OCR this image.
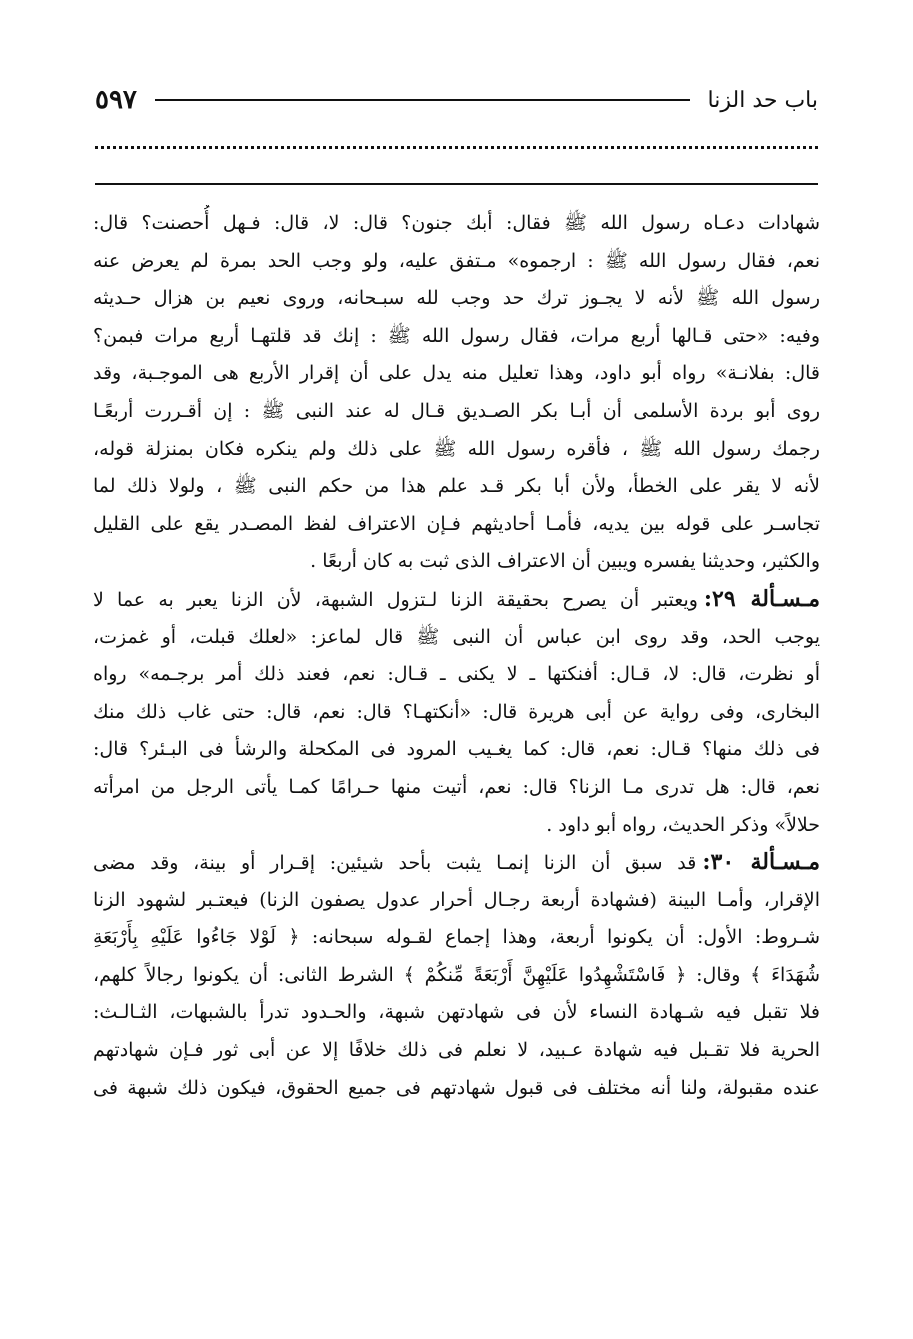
باب حد الزنا
٥٩٧
شهادات دعـاه رسول الله ﷺ فقال: أبك جنون؟ قال: لا، قال: فـهل أُحصنت؟ قال:
نعم، فقال رسول الله ﷺ : ارجموه» مـتفق عليه، ولو وجب الحد بمرة لم يعرض عنه
رسول الله ﷺ لأنه لا يجـوز ترك حد وجب لله سبـحانه، وروى نعيم بن هزال حـديثه
وفيه: «حتى قـالها أربع مرات، فقال رسول الله ﷺ : إنك قد قلتهـا أربع مرات فبمن؟
قال: بفلانـة» رواه أبو داود، وهذا تعليل منه يدل على أن إقرار الأربع هى الموجـبة، وقد
روى أبو بردة الأسلمى أن أبـا بكر الصـديق قـال له عند النبى ﷺ : إن أقـررت أربعًـا
رجمك رسول الله ﷺ ، فأقره رسول الله ﷺ على ذلك ولم ينكره فكان بمنزلة قوله،
لأنه لا يقر على الخطأ، ولأن أبا بكر قـد علم هذا من حكم النبى ﷺ ، ولولا ذلك لما
تجاسـر على قوله بين يديه، فأمـا أحاديثهم فـإن الاعتراف لفظ المصـدر يقع على القليل
والكثير، وحديثنا يفسره ويبين أن الاعتراف الذى ثبت به كان أربعًا .
مـسـألة ٢٩:ويعتبر أن يصرح بحقيقة الزنا لـتزول الشبهة، لأن الزنا يعبر به عما لا
يوجب الحد، وقد روى ابن عباس أن النبى ﷺ قال لماعز: «لعلك قبلت، أو غمزت،
أو نظرت، قال: لا، قـال: أفنكتها ـ لا يكنى ـ قـال: نعم، فعند ذلك أمر برجـمه» رواه
البخارى، وفى رواية عن أبى هريرة قال: «أنكتهـا؟ قال: نعم، قال: حتى غاب ذلك منك
فى ذلك منها؟ قـال: نعم، قال: كما يغـيب المرود فى المكحلة والرشأ فى البـئر؟ قال:
نعم، قال: هل تدرى مـا الزنا؟ قال: نعم، أتيت منها حـرامًا كمـا يأتى الرجل من امرأته
حلالاً» وذكر الحديث، رواه أبو داود .
مـسـألة ٣٠:قد سبق أن الزنا إنمـا يثبت بأحد شيئين: إقـرار أو بينة، وقد مضى
الإقرار، وأمـا البينة (فشهادة أربعة رجـال أحرار عدول يصفون الزنا) فيعتـبر لشهود الزنا
شـروط: الأول: أن يكونوا أربعة، وهذا إجماع لقـوله سبحانه: ﴿ لَوْلا جَاءُوا عَلَيْهِ بِأَرْبَعَةِ
شُهَدَاءَ ﴾ وقال: ﴿ فَاسْتَشْهِدُوا عَلَيْهِنَّ أَرْبَعَةً مِّنكُمْ ﴾ الشرط الثانى: أن يكونوا رجالاً كلهم،
فلا تقبل فيه شـهادة النساء لأن فى شهادتهن شبهة، والحـدود تدرأ بالشبهات، الثـالـث:
الحرية فلا تقـبل فيه شهادة عـبيد، لا نعلم فى ذلك خلافًا إلا عن أبى ثور فـإن شهادتهم
عنده مقبولة، ولنا أنه مختلف فى قبول شهادتهم فى جميع الحقوق، فيكون ذلك شبهة فى
